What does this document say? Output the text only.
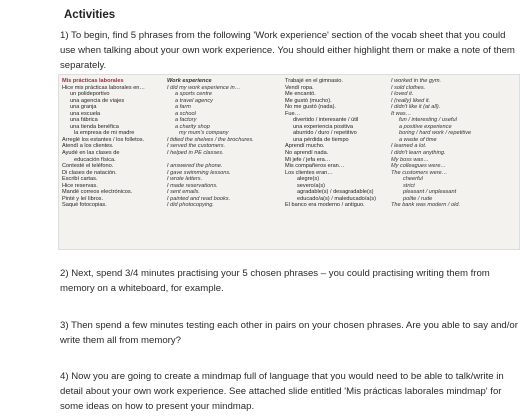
Activities
1) To begin, find 5 phrases from the following 'Work experience' section of the vocab sheet that you could use when talking about your own work experience. You should either highlight them or make a note of them separately.
Mis prácticas laborales
Hice mis prácticas laborales en…
un polideportivo
una agencia de viajes
una granja
una escuela
una fábrica
una tienda benéfica
la empresa de mi madre
Arreglé los estantes / los folletos.
Atendí a los clientes.
Ayudé en las clases de
educación física.
Contesté el teléfono.
Di clases de natación.
Escribí cartas.
Hice reservas.
Mandé correos electrónicos.
Pinté y leí libros.
Saqué fotocopias.
Work experience
I did my work experience in…
a sports centre
a travel agency
a farm
a school
a factory
a charity shop
my mum's company
I tidied the shelves / the brochures.
I served the customers.
I helped in PE classes.
I answered the phone.
I gave swimming lessons.
I wrote letters.
I made reservations.
I sent emails.
I painted and read books.
I did photocopying.
Trabajé en el gimnasio.
Vendí ropa.
Me encantó.
Me gustó (mucho).
No me gustó (nada).
Fue…
divertido / interesante / útil
una experiencia positiva
aburrido / duro / repetitivo
una pérdida de tiempo
Aprendí mucho.
No aprendí nada.
Mi jefe / jefa era…
Mis compañeros eran…
Los clientes eran…
alegre(s)
severo/a(s)
agradable(s) / desagradable(s)
educado/a(s) / maleducado/a(s)
El banco era moderno / antiguo.
I worked in the gym.
I sold clothes.
I loved it.
I (really) liked it.
I didn't like it (at all).
It was…
fun / interesting / useful
a positive experience
boring / hard work / repetitive
a waste of time
I learned a lot.
I didn't learn anything.
My boss was…
My colleagues were…
The customers were…
cheerful
strict
pleasant / unpleasant
polite / rude
The bank was modern / old.
2) Next, spend 3/4 minutes practising your 5 chosen phrases – you could practising writing them from memory on a whiteboard, for example.
3) Then spend a few minutes testing each other in pairs on your chosen phrases. Are you able to say and/or write them all from memory?
4) Now you are going to create a mindmap full of language that you would need to be able to talk/write in detail about your own work experience. See attached slide entitled 'Mis prácticas laborales mindmap' for some ideas on how to present your mindmap.
